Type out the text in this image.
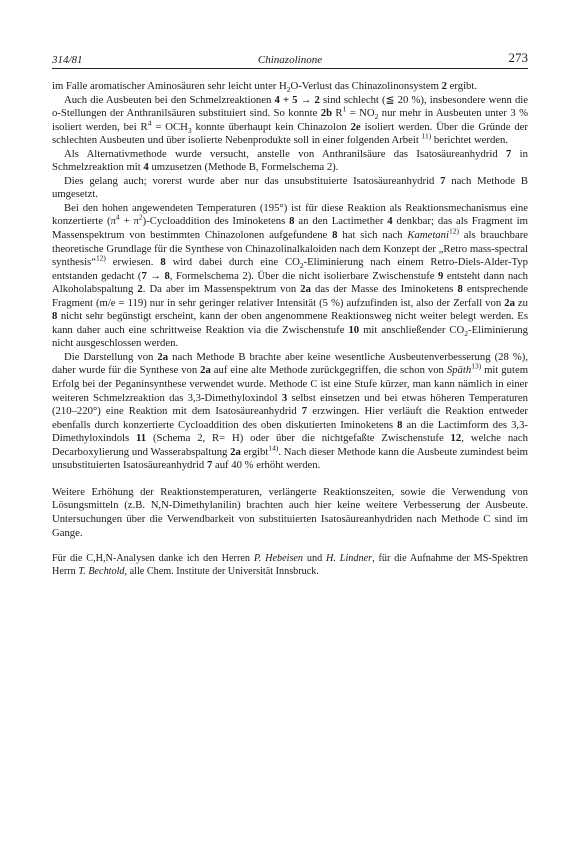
314/81	Chinazolinone	273

im Falle aromatischer Aminosäuren sehr leicht unter $H_2O$-Verlust das Chinazolinonsystem 2 ergibt.

Auch die Ausbeuten bei den Schmelzreaktionen 4 + 5 → 2 sind schlecht (≦ 20 %), insbesondere wenn die o-Stellungen der Anthranilsäuren substituiert sind. So konnte 2b $R^1 = NO_2$ nur mehr in Ausbeuten unter 3 % isoliert werden, bei $R^4 = OCH_3$ konnte überhaupt kein Chinazolon 2e isoliert werden. Über die Gründe der schlechten Ausbeuten und über isolierte Nebenprodukte soll in einer folgenden Arbeit $^{11)}$ berichtet werden.

Als Alternativmethode wurde versucht, anstelle von Anthranilsäure das Isatosäureanhydrid 7 in Schmelzreaktion mit 4 umzusetzen (Methode B, Formelschema 2).

Dies gelang auch; vorerst wurde aber nur das unsubstituierte Isatosäureanhydrid 7 nach Methode B umgesetzt.

Bei den hohen angewendeten Temperaturen (195°) ist für diese Reaktion als Reaktionsmechanismus eine konzertierte ($\pi^4$ + $\pi^2$)-Cycloaddition des Iminoketens 8 an den Lactimether 4 denkbar; das als Fragment im Massenspektrum von bestimmten Chinazolonen aufgefundene 8 hat sich nach Kametani$^{12)}$ als brauchbare theoretische Grundlage für die Synthese von Chinazolinalkaloiden nach dem Konzept der „Retro mass-spectral synthesis“$^{12)}$ erwiesen. 8 wird dabei durch eine $CO_2$-Eliminierung nach einem Retro-Diels-Alder-Typ entstanden gedacht (7 → 8, Formelschema 2). Über die nicht isolierbare Zwischenstufe 9 entsteht dann nach Alkoholabspaltung 2. Da aber im Massenspektrum von 2a das der Masse des Iminoketens 8 entsprechende Fragment (m/e = 119) nur in sehr geringer relativer Intensität (5 %) aufzufinden ist, also der Zerfall von 2a zu 8 nicht sehr begünstigt erscheint, kann der oben angenommene Reaktionsweg nicht weiter belegt werden. Es kann daher auch eine schrittweise Reaktion via die Zwischenstufe 10 mit anschließender $CO_2$-Eliminierung nicht ausgeschlossen werden.

Die Darstellung von 2a nach Methode B brachte aber keine wesentliche Ausbeutenverbesserung (28 %), daher wurde für die Synthese von 2a auf eine alte Methode zurückgegriffen, die schon von Späth$^{13)}$ mit gutem Erfolg bei der Peganinsynthese verwendet wurde. Methode C ist eine Stufe kürzer, man kann nämlich in einer weiteren Schmelzreaktion das 3,3-Dimethyloxindol 3 selbst einsetzen und bei etwas höheren Temperaturen (210–220°) eine Reaktion mit dem Isatosäureanhydrid 7 erzwingen. Hier verläuft die Reaktion entweder ebenfalls durch konzertierte Cycloaddition des oben diskutierten Iminoketens 8 an die Lactimform des 3,3-Dimethyloxindols 11 (Schema 2, R= H) oder über die nichtgefaßte Zwischenstufe 12, welche nach Decarboxylierung und Wasserabspaltung 2a ergibt$^{14)}$. Nach dieser Methode kann die Ausbeute zumindest beim unsubstituierten Isatosäureanhydrid 7 auf 40 % erhöht werden.

Weitere Erhöhung der Reaktionstemperaturen, verlängerte Reaktionszeiten, sowie die Verwendung von Lösungsmitteln (z.B. N,N-Dimethylanilin) brachten auch hier keine weitere Verbesserung der Ausbeute. Untersuchungen über die Verwendbarkeit von substituierten Isatosäureanhydriden nach Methode C sind im Gange.

Für die C,H,N-Analysen danke ich den Herren P. Hebeisen und H. Lindner, für die Aufnahme der MS-Spektren Herrn T. Bechtold, alle Chem. Institute der Universität Innsbruck.
